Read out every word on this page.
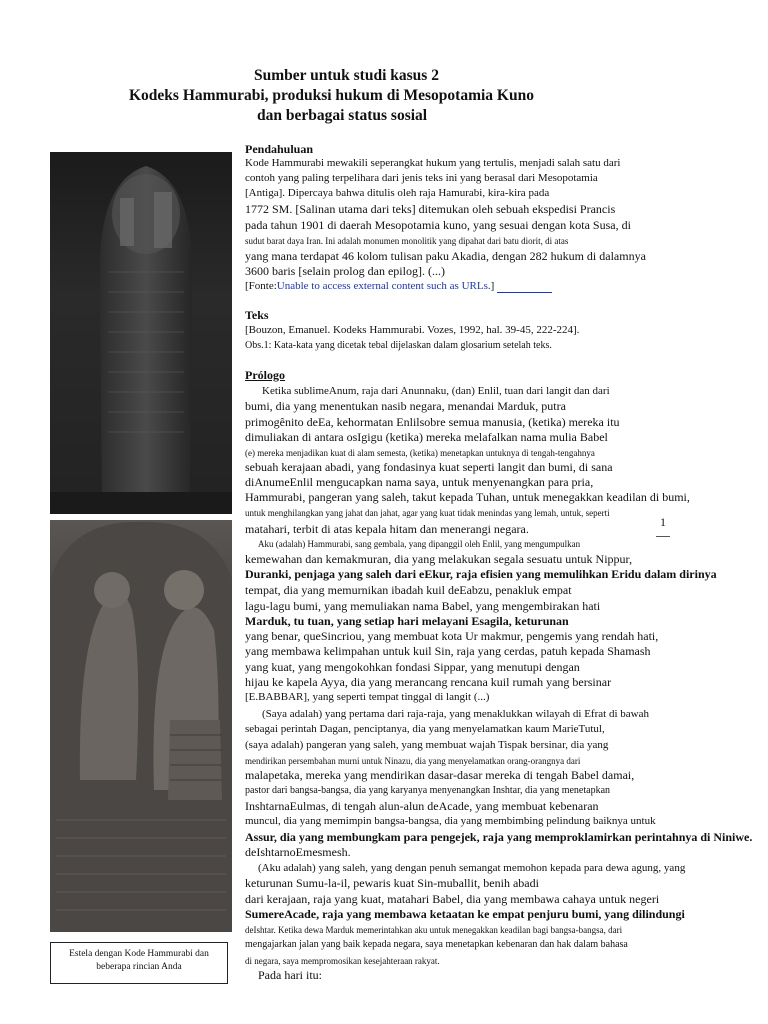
Sumber untuk studi kasus 2
Kodeks Hammurabi, produksi hukum di Mesopotamia Kuno
dan berbagai status sosial
Estela dengan Kode Hammurabi dan beberapa rincian Anda
Pendahuluan
Kode Hammurabi mewakili seperangkat hukum yang tertulis, menjadi salah satu dari
contoh yang paling terpelihara dari jenis teks ini yang berasal dari Mesopotamia
[Antiga]. Dipercaya bahwa ditulis oleh raja Hamurabi, kira-kira pada
1772 SM. [Salinan utama dari teks] ditemukan oleh sebuah ekspedisi Prancis
pada tahun 1901 di daerah Mesopotamia kuno, yang sesuai dengan kota Susa, di
sudut barat daya Iran. Ini adalah monumen monolitik yang dipahat dari batu diorit, di atas
yang mana terdapat 46 kolom tulisan paku Akadia, dengan 282 hukum di dalamnya
3600 baris [selain prolog dan epilog]. (...)
[Fonte:Unable to access external content such as URLs.]
Teks
[Bouzon, Emanuel. Kodeks Hammurabi. Vozes, 1992, hal. 39-45, 222-224].
Obs.1: Kata-kata yang dicetak tebal dijelaskan dalam glosarium setelah teks.
Prólogo
Ketika sublimeAnum, raja dari Anunnaku, (dan) Enlil, tuan dari langit dan dari
bumi, dia yang menentukan nasib negara, menandai Marduk, putra
primogênito deEa, kehormatan Enlilsobre semua manusia, (ketika) mereka itu
dimuliakan di antara osIgigu (ketika) mereka melafalkan nama mulia Babel
(e) mereka menjadikan kuat di alam semesta, (ketika) menetapkan untuknya di tengah-tengahnya
sebuah kerajaan abadi, yang fondasinya kuat seperti langit dan bumi, di sana
diAnumeEnlil mengucapkan nama saya, untuk menyenangkan para pria,
Hammurabi, pangeran yang saleh, takut kepada Tuhan, untuk menegakkan keadilan di bumi,
untuk menghilangkan yang jahat dan jahat, agar yang kuat tidak menindas yang lemah, untuk, seperti
1
matahari, terbit di atas kepala hitam dan menerangi negara.
Aku (adalah) Hammurabi, sang gembala, yang dipanggil oleh Enlil, yang mengumpulkan
kemewahan dan kemakmuran, dia yang melakukan segala sesuatu untuk Nippur,
Duranki, penjaga yang saleh dari eEkur, raja efisien yang memulihkan Eridu dalam dirinya
tempat, dia yang memurnikan ibadah kuil deEabzu, penakluk empat
lagu-lagu bumi, yang memuliakan nama Babel, yang mengembirakan hati
Marduk, tu tuan, yang setiap hari melayani Esagila, keturunan
yang benar, queSincriou, yang membuat kota Ur makmur, pengemis yang rendah hati,
yang membawa kelimpahan untuk kuil Sin, raja yang cerdas, patuh kepada Shamash
yang kuat, yang mengokohkan fondasi Sippar, yang menutupi dengan
hijau ke kapela Ayya, dia yang merancang rencana kuil rumah yang bersinar
[E.BABBAR], yang seperti tempat tinggal di langit (...)
(Saya adalah) yang pertama dari raja-raja, yang menaklukkan wilayah di Efrat di bawah
sebagai perintah Dagan, penciptanya, dia yang menyelamatkan kaum MarieTutul,
(saya adalah) pangeran yang saleh, yang membuat wajah Tispak bersinar, dia yang
mendirikan persembahan murni untuk Ninazu, dia yang menyelamatkan orang-orangnya dari
malapetaka, mereka yang mendirikan dasar-dasar mereka di tengah Babel damai,
pastor dari bangsa-bangsa, dia yang karyanya menyenangkan Inshtar, dia yang menetapkan
InshtarnaEulmas, di tengah alun-alun deAcade, yang membuat kebenaran
muncul, dia yang memimpin bangsa-bangsa, dia yang membimbing pelindung baiknya untuk
Assur, dia yang membungkam para pengejek, raja yang memproklamirkan perintahnya di Niniwe.
deIshtarnoEmesmesh.
(Aku adalah) yang saleh, yang dengan penuh semangat memohon kepada para dewa agung, yang
keturunan Sumu-la-il, pewaris kuat Sin-muballit, benih abadi
dari kerajaan, raja yang kuat, matahari Babel, dia yang membawa cahaya untuk negeri
SumereAcade, raja yang membawa ketaatan ke empat penjuru bumi, yang dilindungi
deIshtar. Ketika dewa Marduk memerintahkan aku untuk menegakkan keadilan bagi bangsa-bangsa, dari
mengajarkan jalan yang baik kepada negara, saya menetapkan kebenaran dan hak dalam bahasa
di negara, saya mempromosikan kesejahteraan rakyat.
Pada hari itu:
